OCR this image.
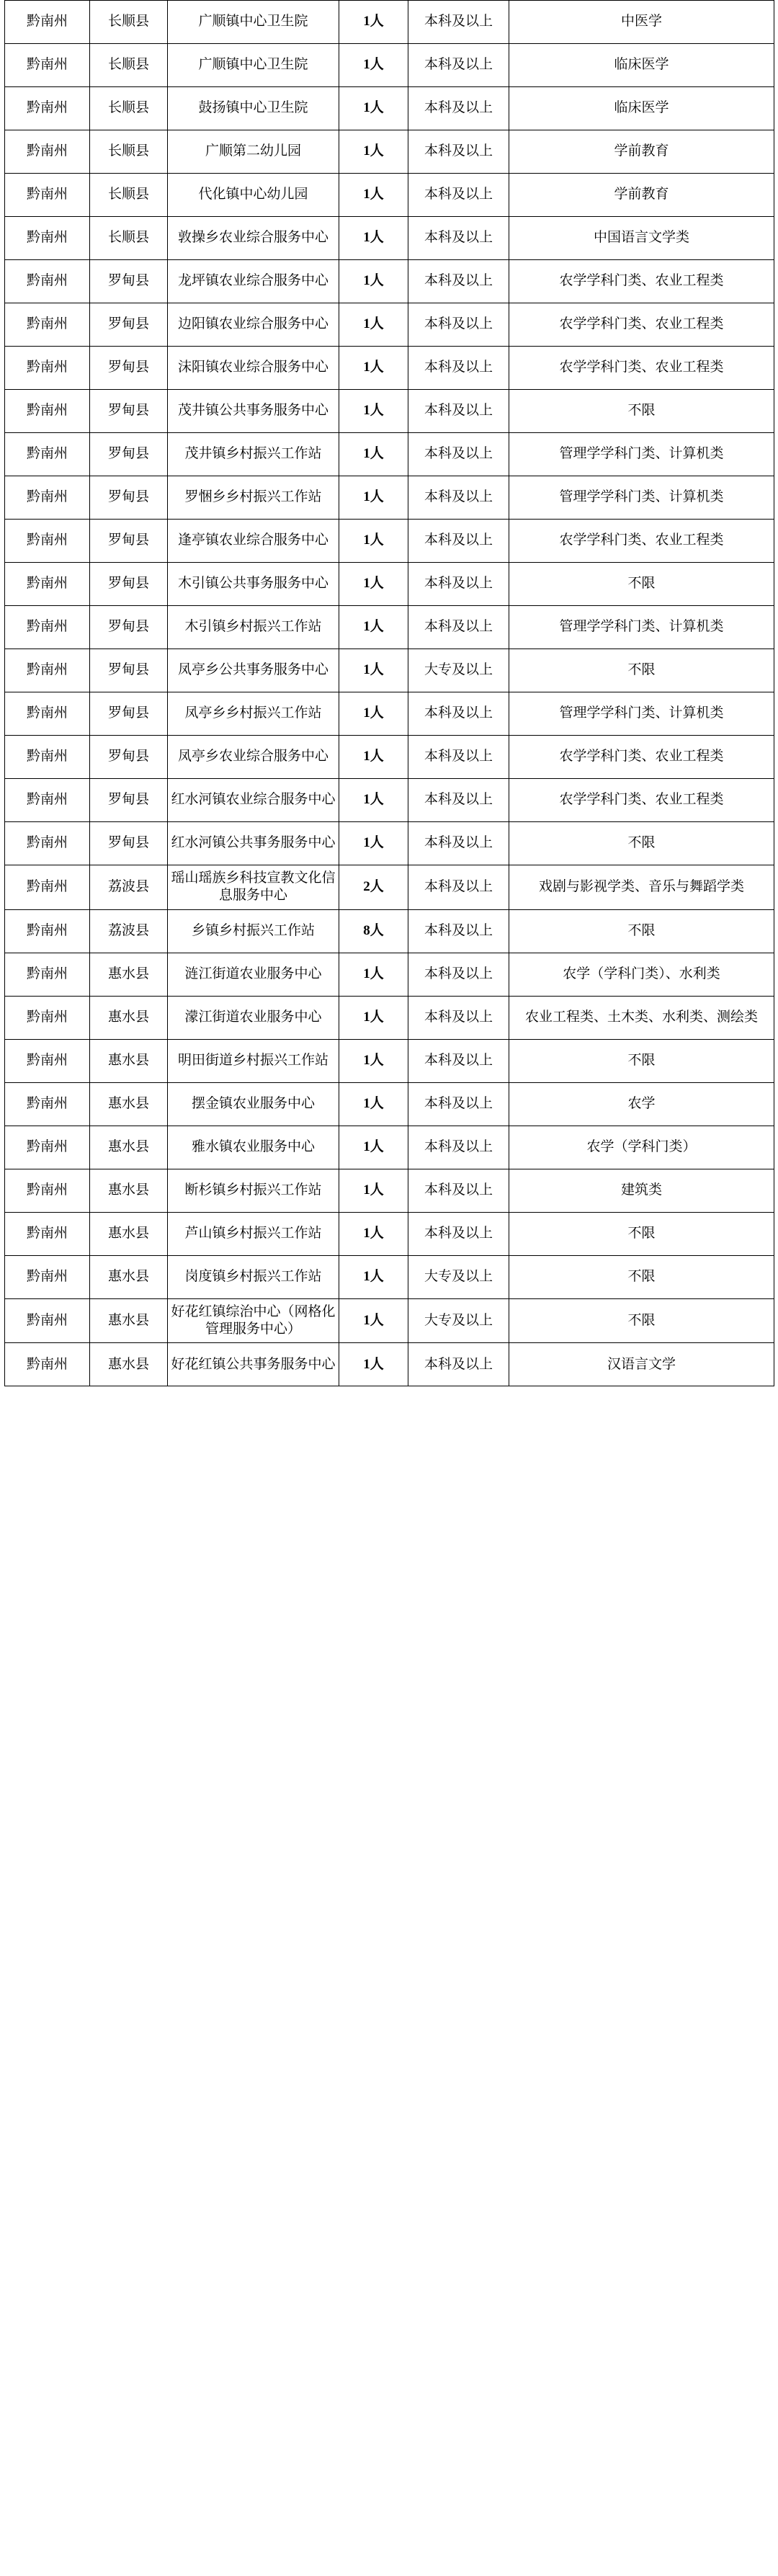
黔南州	长顺县	广顺镇中心卫生院	1人	本科及以上	中医学
黔南州	长顺县	广顺镇中心卫生院	1人	本科及以上	临床医学
黔南州	长顺县	鼓扬镇中心卫生院	1人	本科及以上	临床医学
黔南州	长顺县	广顺第二幼儿园	1人	本科及以上	学前教育
黔南州	长顺县	代化镇中心幼儿园	1人	本科及以上	学前教育
黔南州	长顺县	敦操乡农业综合服务中心	1人	本科及以上	中国语言文学类
黔南州	罗甸县	龙坪镇农业综合服务中心	1人	本科及以上	农学学科门类、农业工程类
黔南州	罗甸县	边阳镇农业综合服务中心	1人	本科及以上	农学学科门类、农业工程类
黔南州	罗甸县	沫阳镇农业综合服务中心	1人	本科及以上	农学学科门类、农业工程类
黔南州	罗甸县	茂井镇公共事务服务中心	1人	本科及以上	不限
黔南州	罗甸县	茂井镇乡村振兴工作站	1人	本科及以上	管理学学科门类、计算机类
黔南州	罗甸县	罗悃乡乡村振兴工作站	1人	本科及以上	管理学学科门类、计算机类
黔南州	罗甸县	逢亭镇农业综合服务中心	1人	本科及以上	农学学科门类、农业工程类
黔南州	罗甸县	木引镇公共事务服务中心	1人	本科及以上	不限
黔南州	罗甸县	木引镇乡村振兴工作站	1人	本科及以上	管理学学科门类、计算机类
黔南州	罗甸县	凤亭乡公共事务服务中心	1人	大专及以上	不限
黔南州	罗甸县	凤亭乡乡村振兴工作站	1人	本科及以上	管理学学科门类、计算机类
黔南州	罗甸县	凤亭乡农业综合服务中心	1人	本科及以上	农学学科门类、农业工程类
黔南州	罗甸县	红水河镇农业综合服务中心	1人	本科及以上	农学学科门类、农业工程类
黔南州	罗甸县	红水河镇公共事务服务中心	1人	本科及以上	不限
黔南州	荔波县	瑶山瑶族乡科技宣教文化信息服务中心	2人	本科及以上	戏剧与影视学类、音乐与舞蹈学类
黔南州	荔波县	乡镇乡村振兴工作站	8人	本科及以上	不限
黔南州	惠水县	涟江街道农业服务中心	1人	本科及以上	农学（学科门类）、水利类
黔南州	惠水县	濛江街道农业服务中心	1人	本科及以上	农业工程类、土木类、水利类、测绘类
黔南州	惠水县	明田街道乡村振兴工作站	1人	本科及以上	不限
黔南州	惠水县	摆金镇农业服务中心	1人	本科及以上	农学
黔南州	惠水县	雅水镇农业服务中心	1人	本科及以上	农学（学科门类）
黔南州	惠水县	断杉镇乡村振兴工作站	1人	本科及以上	建筑类
黔南州	惠水县	芦山镇乡村振兴工作站	1人	本科及以上	不限
黔南州	惠水县	岗度镇乡村振兴工作站	1人	大专及以上	不限
黔南州	惠水县	好花红镇综治中心（网格化管理服务中心）	1人	大专及以上	不限
黔南州	惠水县	好花红镇公共事务服务中心	1人	本科及以上	汉语言文学
